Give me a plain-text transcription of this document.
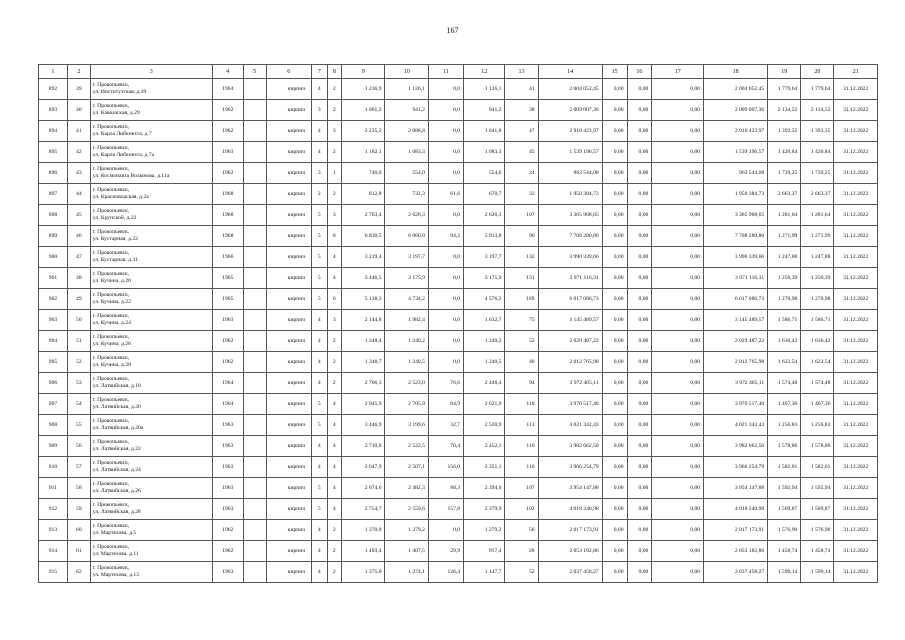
167
1	2	3	4	5	6	7	8	9	10	11	12	13	14	15	16	17	18	19	20	21
892	39	г. Прокопьевск,
ул. Институтская, д.39	1964		кирпич	4	2	1 236,9	1 126,1	0,0	1 126,1	41	2 004 052,45	0,00	0,00	0,00	2 004 052,45	1 779,64	1 779,64	31.12.2022
893	40	г. Прокопьевск,
ул. Кавказская, д.29	1962		кирпич	3	2	1 061,2	941,2	0,0	941,2	38	2 009 007,36	0,00	0,00	0,00	2 009 007,36	2 134,52	2 134,52	31.12.2022
894	41	г. Прокопьевск,
ул. Карла Либкнехта, д.7	1962		кирпич	4	3	2 235,2	2 088,8	0,0	1 641,8	47	2 910 423,97	0,00	0,00	0,00	2 910 423,97	1 393,35	1 393,35	31.12.2022
895	42	г. Прокопьевск,
ул. Карла Либкнехта, д.7а	1963		кирпич	4	2	1 182,1	1 083,3	0,0	1 083,3	45	1 539 196,57	0,00	0,00	0,00	1 539 196,57	1 420,84	1 420,84	31.12.2022
896	43	г. Прокопьевск,
ул. Космонавта Волынова, д.11а	1962		кирпич	3	1	740,0	554,0	0,0	554,0	24	963 544,08	0,00	0,00	0,00	963 544,08	1 739,25	1 739,25	31.12.2022
897	44	г. Прокопьевск,
ул. Красноводская, д.2а	1968		кирпич	2	2	812,8	732,3	61,6	670,7	33	1 950 384,73	0,00	0,00	0,00	1 950 384,73	2 663,37	2 663,37	31.12.2022
898	45	г. Прокопьевск,
ул. Крупской, д.22	1968		кирпич	5	3	2 763,4	2 626,3	0,0	2 626,3	107	3 365 968,65	0,00	0,00	0,00	3 365 968,65	1 281,64	1 281,64	31.12.2022
899	46	г. Прокопьевск,
ул. Кустарная, д.22	1968		кирпич	5	8	6 830,5	6 060,0	94,2	5 913,8	96	7 708 280,80	0,00	0,00	0,00	7 708 280,80	1 271,99	1 271,99	31.12.2022
900	47	г. Прокопьевск,
ул. Кустарная, д.31	1966		кирпич	5	4	3 219,4	3 197,7	0,0	3 197,7	132	3 990 339,66	0,00	0,00	0,00	3 990 339,66	1 247,88	1 247,88	31.12.2022
901	48	г. Прокопьевск,
ул. Кучина, д.20	1965		кирпич	5	4	3 446,5	3 175,9	0,0	3 175,9	131	3 971 116,31	0,00	0,00	0,00	3 971 116,31	1 250,39	1 250,39	31.12.2022
902	49	г. Прокопьевск,
ул. Кучина, д.22	1965		кирпич	5	6	5 138,3	4 734,2	0,0	4 576,2	189	6 017 086,73	0,00	0,00	0,00	6 017 086,73	1 270,98	1 270,98	31.12.2022
903	50	г. Прокопьевск,
ул. Кучина, д.24	1963		кирпич	4	3	2 144,8	1 982,4	0,0	1 632,7	75	3 145 489,57	0,00	0,00	0,00	3 145 489,57	1 586,71	1 586,71	31.12.2022
904	51	г. Прокопьевск,
ул. Кучина, д.26	1962		кирпич	4	2	1 348,4	1 240,2	0,0	1 240,2	52	2 029 487,22	0,00	0,00	0,00	2 029 487,22	1 636,42	1 636,42	31.12.2022
905	52	г. Прокопьевск,
ул. Кучина, д.28	1962		кирпич	4	2	1 348,7	1 240,5	0,0	1 240,5	48	2 012 765,98	0,00	0,00	0,00	2 012 765,98	1 622,54	1 622,54	31.12.2022
906	53	г. Прокопьевск,
ул. Латвийская, д.18	1964		кирпич	4	2	2 706,3	2 523,0	76,6	2 446,4	94	3 972 405,11	0,00	0,00	0,00	3 972 405,11	1 574,48	1 574,48	31.12.2022
907	54	г. Прокопьевск,
ул. Латвийская, д.20	1964		кирпич	5	4	2 945,9	2 705,9	84,9	2 621,0	118	3 970 517,40	0,00	0,00	0,00	3 970 517,40	1 467,36	1 467,36	31.12.2022
908	55	г. Прокопьевск,
ул. Латвийская, д.20а	1963		кирпич	5	4	3 446,9	3 199,6	32,7	2 520,9	113	4 021 342,43	0,00	0,00	0,00	4 021 342,43	1 256,83	1 256,83	31.12.2022
909	56	г. Прокопьевск,
ул. Латвийская, д.22	1963		кирпич	4	4	2 710,8	2 522,5	70,4	2 452,1	116	3 982 662,50	0,00	0,00	0,00	3 982 662,50	1 578,86	1 578,86	31.12.2022
910	57	г. Прокопьевск,
ул. Латвийская, д.24	1963		кирпич	4	4	2 647,9	2 507,1	156,0	2 351,1	116	3 966 254,79	0,00	0,00	0,00	3 966 254,79	1 582,01	1 582,01	31.12.2022
911	58	г. Прокопьевск,
ул. Латвийская, д.26	1963		кирпич	5	4	2 674,6	2 482,3	88,3	2 394,0	107	3 954 147,88	0,00	0,00	0,00	3 954 147,88	1 592,94	1 592,94	31.12.2022
912	59	г. Прокопьевск,
ул. Латвийская, д.28	1963		кирпич	5	4	2 754,7	2 559,6	157,8	2 379,9	102	4 018 240,98	0,00	0,00	0,00	4 018 240,98	1 569,87	1 569,87	31.12.2022
913	60	г. Прокопьевск,
ул. Мартехова, д.5	1962		кирпич	4	2	1 370,8	1 279,2	0,0	1 279,2	56	2 017 173,91	0,00	0,00	0,00	2 017 173,91	1 576,90	1 576,90	31.12.2022
914	61	г. Прокопьевск,
ул. Мартехова, д.11	1962		кирпич	4	2	1 493,4	1 407,5	29,9	917,4	28	2 053 182,86	0,00	0,00	0,00	2 053 182,86	1 458,74	1 458,74	31.12.2022
915	62	г. Прокопьевск,
ул. Мартехова, д.13	1963		кирпич	4	2	1 375,0	1 274,1	126,4	1 147,7	52	2 037 458,27	0,00	0,00	0,00	2 037 458,27	1 599,14	1 599,14	31.12.2022
